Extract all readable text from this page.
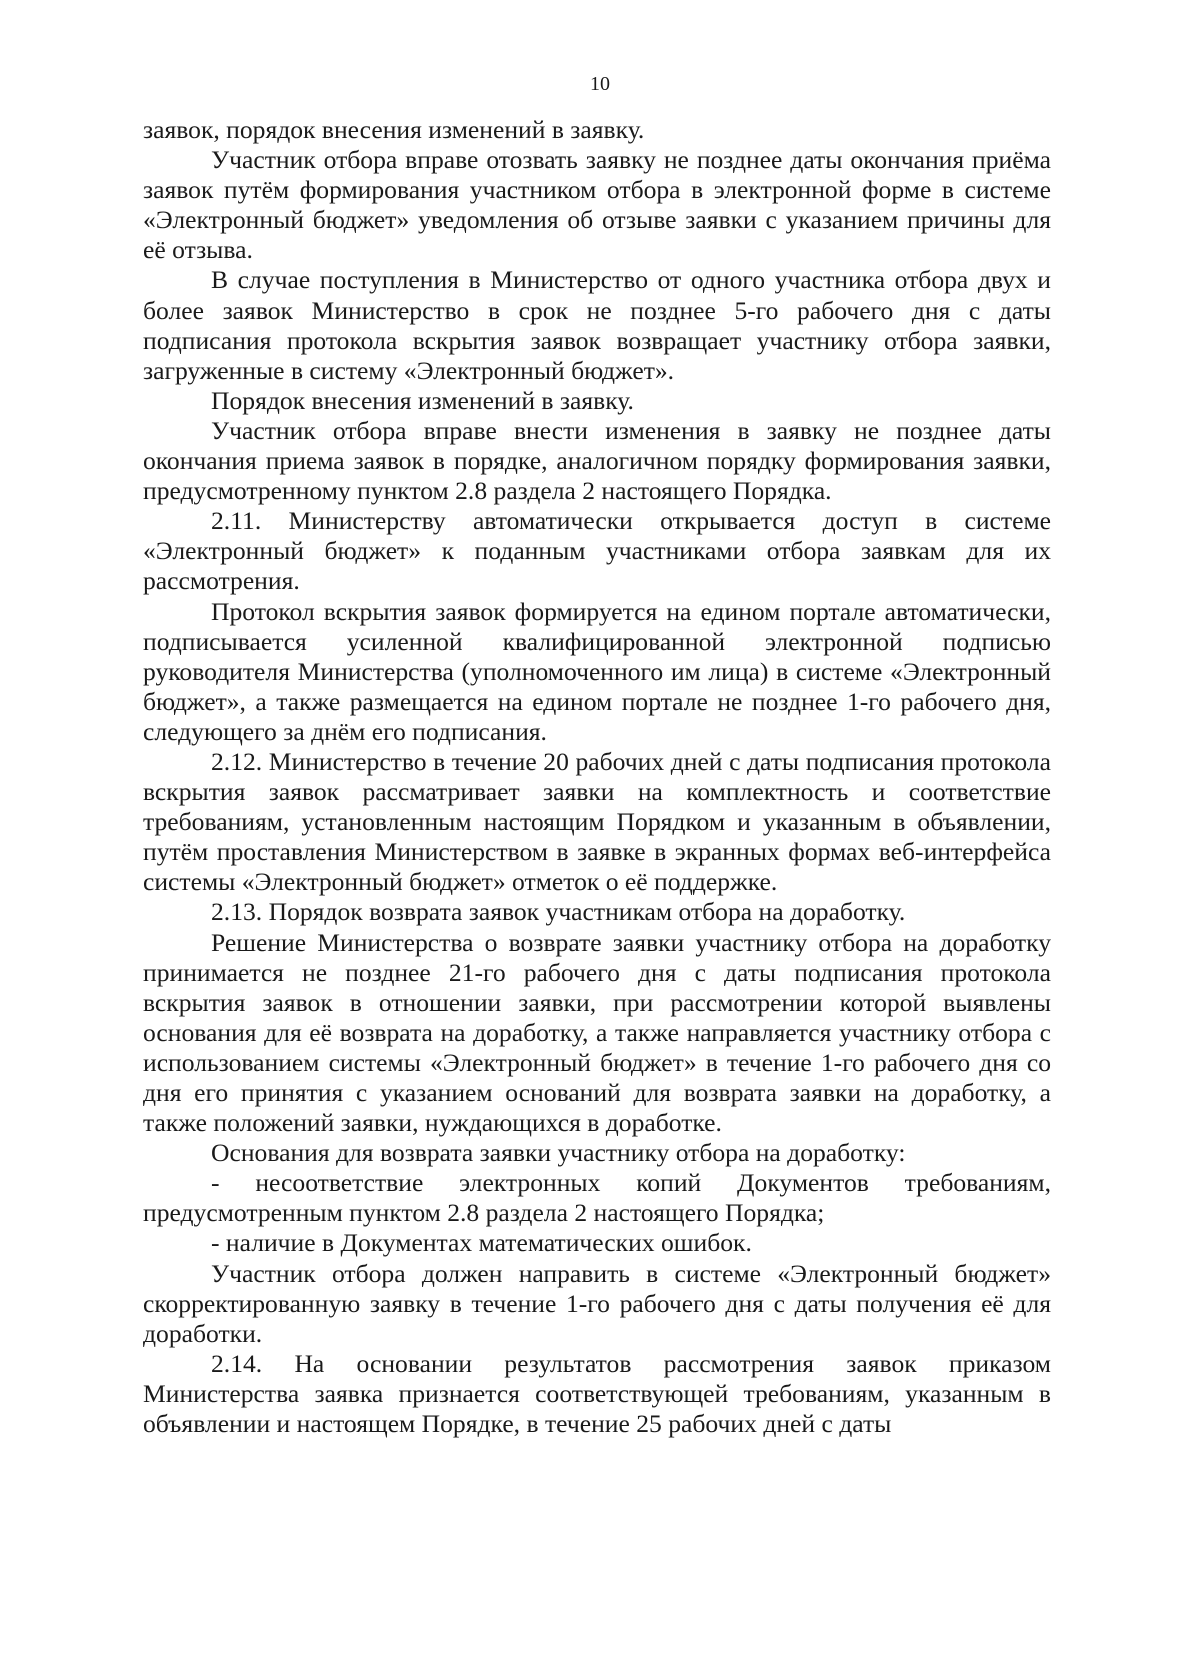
10

заявок, порядок внесения изменений в заявку.

Участник отбора вправе отозвать заявку не позднее даты окончания приёма заявок путём формирования участником отбора в электронной форме в системе «Электронный бюджет» уведомления об отзыве заявки с указанием причины для её отзыва.

В случае поступления в Министерство от одного участника отбора двух и более заявок Министерство в срок не позднее 5-го рабочего дня с даты подписания протокола вскрытия заявок возвращает участнику отбора заявки, загруженные в систему «Электронный бюджет».

Порядок внесения изменений в заявку.

Участник отбора вправе внести изменения в заявку не позднее даты окончания приема заявок в порядке, аналогичном порядку формирования заявки, предусмотренному пунктом 2.8 раздела 2 настоящего Порядка.

2.11. Министерству автоматически открывается доступ в системе «Электронный бюджет» к поданным участниками отбора заявкам для их рассмотрения.

Протокол вскрытия заявок формируется на едином портале автоматически, подписывается усиленной квалифицированной электронной подписью руководителя Министерства (уполномоченного им лица) в системе «Электронный бюджет», а также размещается на едином портале не позднее 1-го рабочего дня, следующего за днём его подписания.

2.12. Министерство в течение 20 рабочих дней с даты подписания протокола вскрытия заявок рассматривает заявки на комплектность и соответствие требованиям, установленным настоящим Порядком и указанным в объявлении, путём проставления Министерством в заявке в экранных формах веб-интерфейса системы «Электронный бюджет» отметок о её поддержке.

2.13. Порядок возврата заявок участникам отбора на доработку.

Решение Министерства о возврате заявки участнику отбора на доработку принимается не позднее 21-го рабочего дня с даты подписания протокола вскрытия заявок в отношении заявки, при рассмотрении которой выявлены основания для её возврата на доработку, а также направляется участнику отбора с использованием системы «Электронный бюджет» в течение 1-го рабочего дня со дня его принятия с указанием оснований для возврата заявки на доработку, а также положений заявки, нуждающихся в доработке.

Основания для возврата заявки участнику отбора на доработку:

- несоответствие электронных копий Документов требованиям, предусмотренным пунктом 2.8 раздела 2 настоящего Порядка;

- наличие в Документах математических ошибок.

Участник отбора должен направить в системе «Электронный бюджет» скорректированную заявку в течение 1-го рабочего дня с даты получения её для доработки.

2.14. На основании результатов рассмотрения заявок приказом Министерства заявка признается соответствующей требованиям, указанным в объявлении и настоящем Порядке, в течение 25 рабочих дней с даты
